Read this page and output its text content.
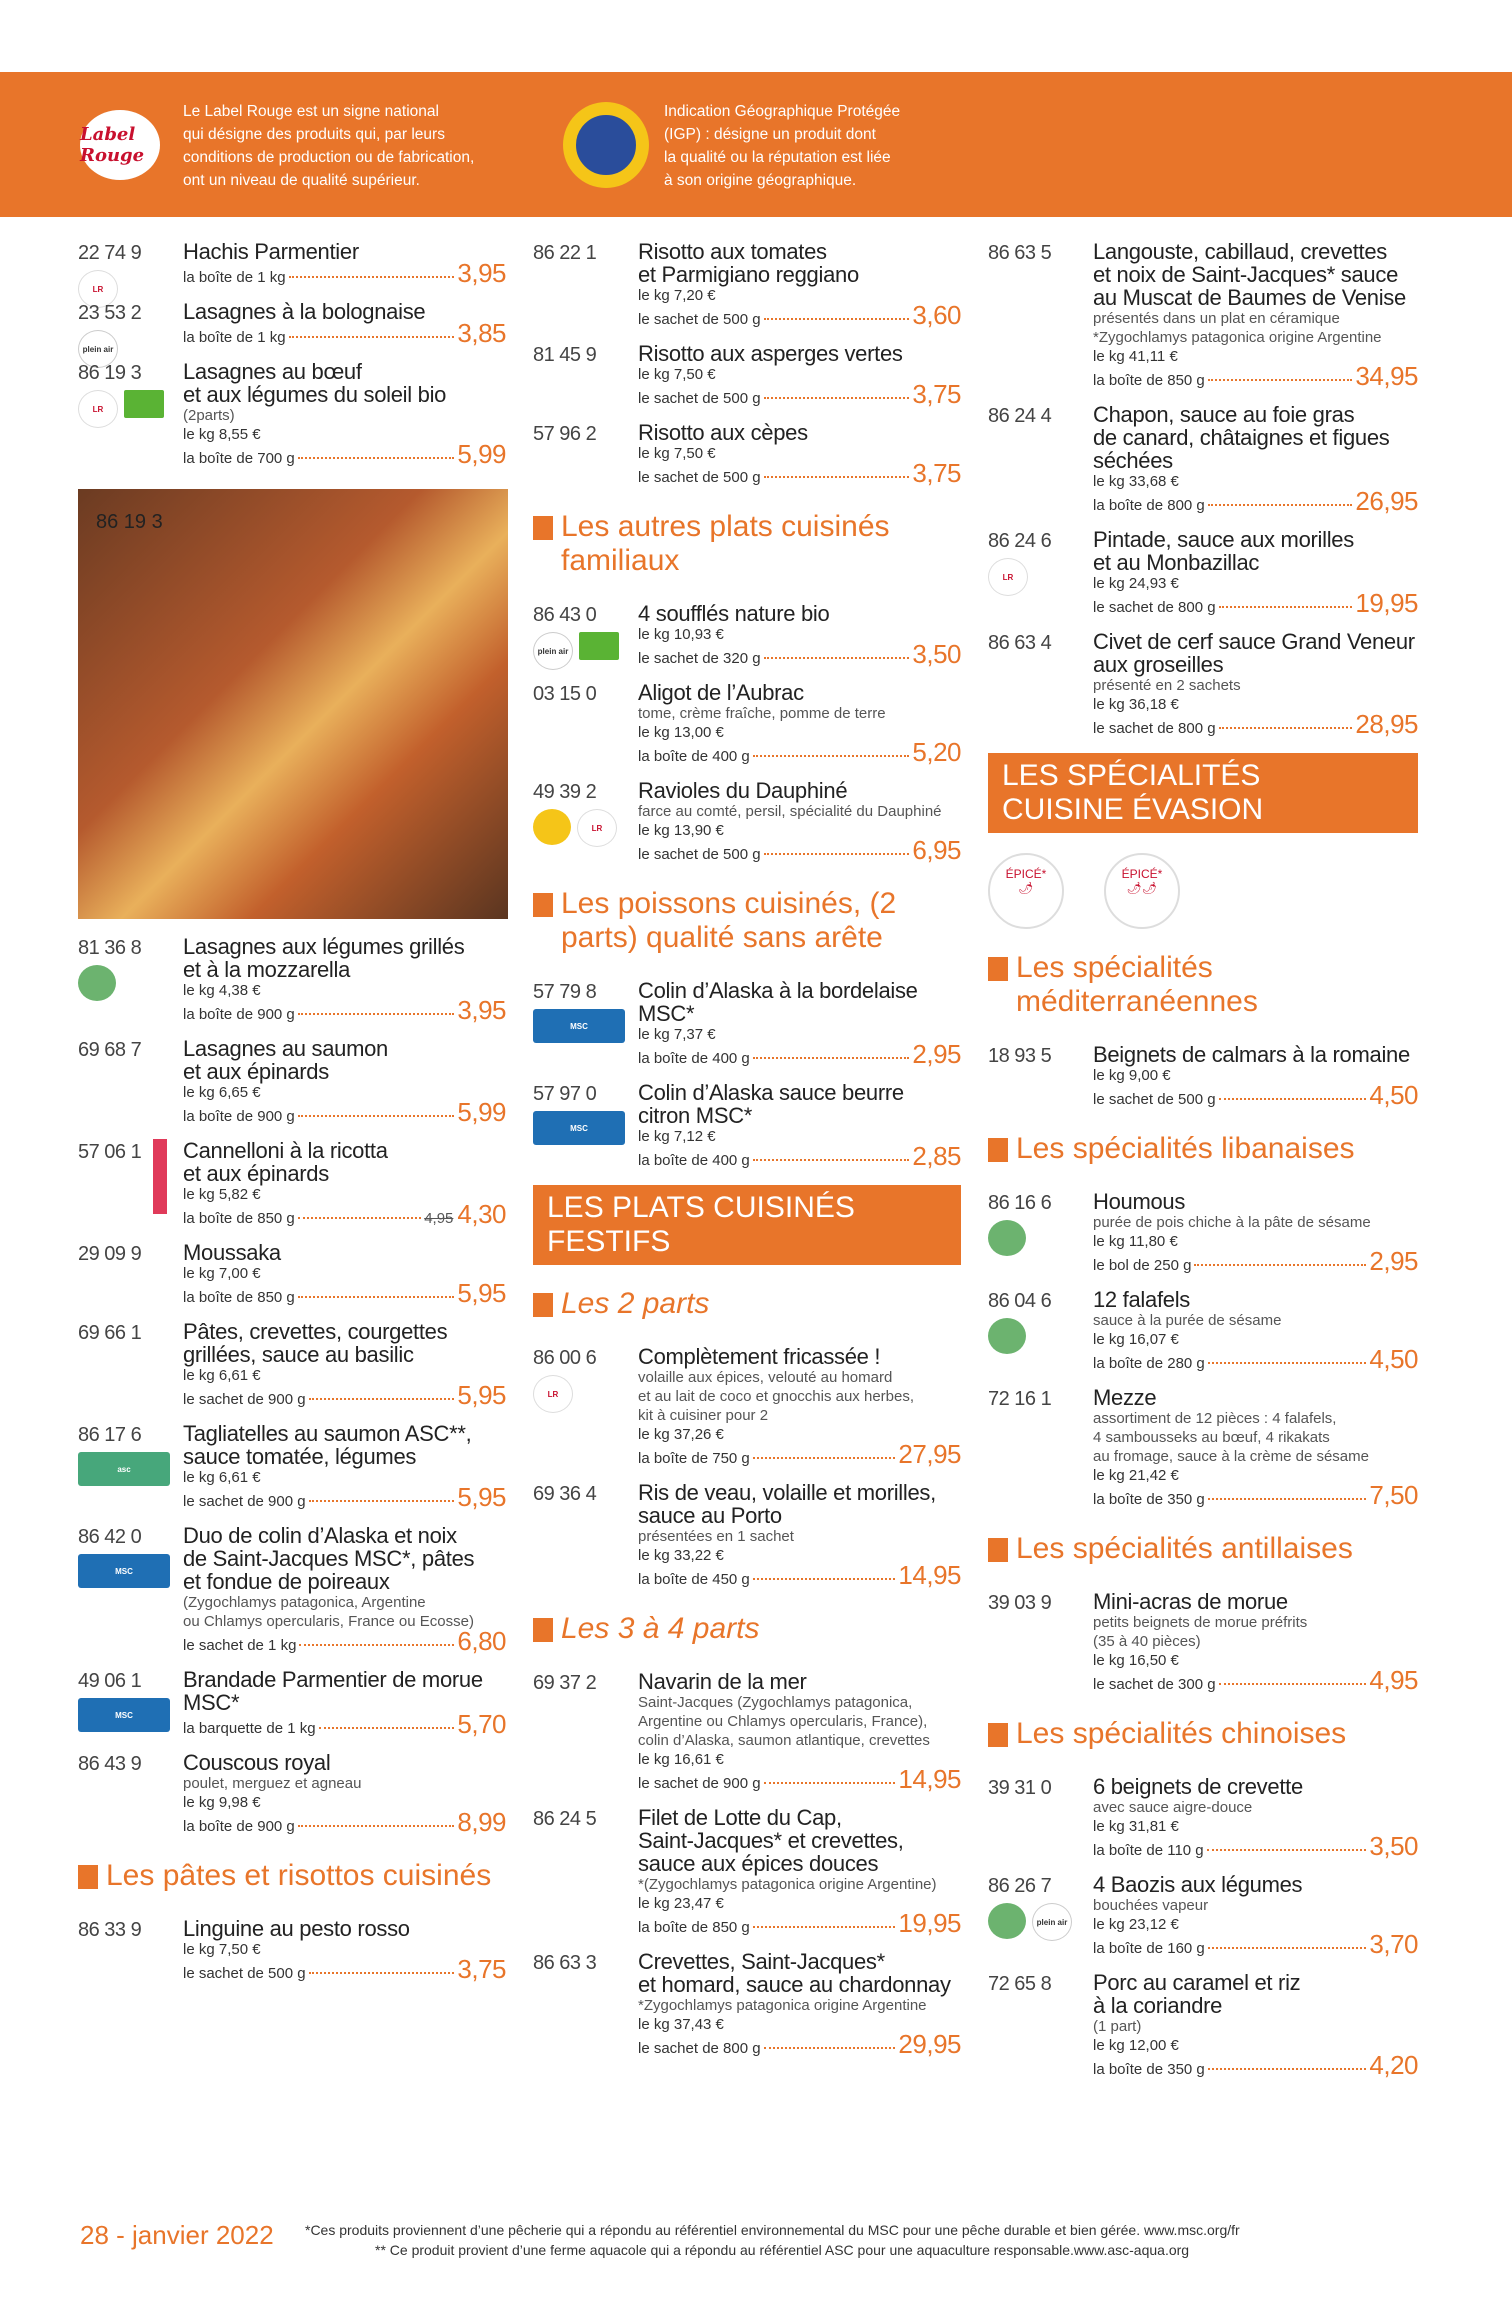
Label Rouge
Le Label Rouge est un signe national
qui désigne des produits qui, par leurs
conditions de production ou de fabrication,
ont un niveau de qualité supérieur.
Indication Géographique Protégée
(IGP) : désigne un produit dont
la qualité ou la réputation est liée
à son origine géographique.
22 74 9
LR
Hachis Parmentier
la boîte de 1 kg	3,95
23 53 2
plein air
Lasagnes à la bolognaise
la boîte de 1 kg	3,85
86 19 3
LR
Lasagnes au bœuf
et aux légumes du soleil bio
(2parts)
le kg 8,55 €
la boîte de 700 g	5,99
86 19 3
81 36 8 Lasagnes aux légumes grillés
et à la mozzarella
le kg 4,38 €
la boîte de 900 g	3,95
69 68 7 Lasagnes au saumon
et aux épinards
le kg 6,65 €
la boîte de 900 g	5,99
57 06 1 Cannelloni à la ricotta
et aux épinards
le kg 5,82 €
la boîte de 850 g	4,95 4,30
29 09 9 Moussaka
le kg 7,00 €
la boîte de 850 g	5,95
69 66 1 Pâtes, crevettes, courgettes
grillées, sauce au basilic
le kg 6,61 €
le sachet de 900 g	5,95
86 17 6
asc
Tagliatelles au saumon ASC**,
sauce tomatée, légumes
le kg 6,61 €
le sachet de 900 g	5,95
86 42 0
MSC
Duo de colin d’Alaska et noix
de Saint-Jacques MSC*, pâtes
et fondue de poireaux
(Zygochlamys patagonica, Argentine
ou Chlamys opercularis, France ou Ecosse)
le sachet de 1 kg	6,80
49 06 1
MSC
Brandade Parmentier de morue
MSC*
la barquette de 1 kg	5,70
86 43 9 Couscous royal
poulet, merguez et agneau
le kg 9,98 €
la boîte de 900 g	8,99
Les pâtes et risottos cuisinés
86 33 9 Linguine au pesto rosso
le kg 7,50 €
le sachet de 500 g	3,75
86 22 1 Risotto aux tomates
et Parmigiano reggiano
le kg 7,20 €
le sachet de 500 g	3,60
81 45 9 Risotto aux asperges vertes
le kg 7,50 €
le sachet de 500 g	3,75
57 96 2 Risotto aux cèpes
le kg 7,50 €
le sachet de 500 g	3,75
Les autres plats cuisinés familiaux
86 43 0
plein air
4 soufflés nature bio
le kg 10,93 €
le sachet de 320 g	3,50
03 15 0 Aligot de l’Aubrac
tome, crème fraîche, pomme de terre
le kg 13,00 €
la boîte de 400 g	5,20
49 39 2
LR
Ravioles du Dauphiné
farce au comté, persil, spécialité du Dauphiné
le kg 13,90 €
le sachet de 500 g	6,95
Les poissons cuisinés, (2 parts) qualité sans arête
57 79 8
MSC
Colin d’Alaska à la bordelaise
MSC*
le kg 7,37 €
la boîte de 400 g	2,95
57 97 0
MSC
Colin d’Alaska sauce beurre
citron MSC*
le kg 7,12 €
la boîte de 400 g	2,85
LES PLATS CUISINÉS FESTIFS
Les 2 parts
86 00 6
LR
Complètement fricassée !
volaille aux épices, velouté au homard
et au lait de coco et gnocchis aux herbes,
kit à cuisiner pour 2
le kg 37,26 €
la boîte de 750 g	27,95
69 36 4 Ris de veau, volaille et morilles,
sauce au Porto
présentées en 1 sachet
le kg 33,22 €
la boîte de 450 g	14,95
Les 3 à 4 parts
69 37 2 Navarin de la mer
Saint-Jacques (Zygochlamys patagonica,
Argentine ou Chlamys opercularis, France),
colin d’Alaska, saumon atlantique, crevettes
le kg 16,61 €
le sachet de 900 g	14,95
86 24 5 Filet de Lotte du Cap,
Saint-Jacques* et crevettes,
sauce aux épices douces
*(Zygochlamys patagonica origine Argentine)
le kg 23,47 €
la boîte de 850 g	19,95
86 63 3 Crevettes, Saint-Jacques*
et homard, sauce au chardonnay
*Zygochlamys patagonica origine Argentine
le kg 37,43 €
le sachet de 800 g	29,95
86 63 5 Langouste, cabillaud, crevettes
et noix de Saint-Jacques* sauce
au Muscat de Baumes de Venise
présentés dans un plat en céramique
*Zygochlamys patagonica origine Argentine
le kg 41,11 €
la boîte de 850 g	34,95
86 24 4 Chapon, sauce au foie gras
de canard, châtaignes et figues
séchées
le kg 33,68 €
la boîte de 800 g	26,95
86 24 6
LR
Pintade, sauce aux morilles
et au Monbazillac
le kg 24,93 €
le sachet de 800 g	19,95
86 63 4 Civet de cerf sauce Grand Veneur
aux groseilles
présenté en 2 sachets
le kg 36,18 €
le sachet de 800 g	28,95
LES SPÉCIALITÉS
CUISINE ÉVASION
ÉPICÉ*
🌶
ÉPICÉ*
🌶🌶
Les spécialités méditerranéennes
18 93 5 Beignets de calmars à la romaine
le kg 9,00 €
le sachet de 500 g	4,50
Les spécialités libanaises
86 16 6 Houmous
purée de pois chiche à la pâte de sésame
le kg 11,80 €
le bol de 250 g	2,95
86 04 6 12 falafels
sauce à la purée de sésame
le kg 16,07 €
la boîte de 280 g	4,50
72 16 1 Mezze
assortiment de 12 pièces : 4 falafels,
4 sambousseks au bœuf, 4 rikakats
au fromage, sauce à la crème de sésame
le kg 21,42 €
la boîte de 350 g	7,50
Les spécialités antillaises
39 03 9 Mini-acras de morue
petits beignets de morue préfrits
(35 à 40 pièces)
le kg 16,50 €
le sachet de 300 g	4,95
Les spécialités chinoises
39 31 0 6 beignets de crevette
avec sauce aigre-douce
le kg 31,81 €
la boîte de 110 g	3,50
86 26 7
plein air
4 Baozis aux légumes
bouchées vapeur
le kg 23,12 €
la boîte de 160 g	3,70
72 65 8 Porc au caramel et riz
à la coriandre
(1 part)
le kg 12,00 €
la boîte de 350 g	4,20
28 - janvier 2022 *Ces produits proviennent d’une pêcherie qui a répondu au référentiel environnemental du MSC pour une pêche durable et bien gérée. www.msc.org/fr
** Ce produit provient d’une ferme aquacole qui a répondu au référentiel ASC pour une aquaculture responsable.www.asc-aqua.org
